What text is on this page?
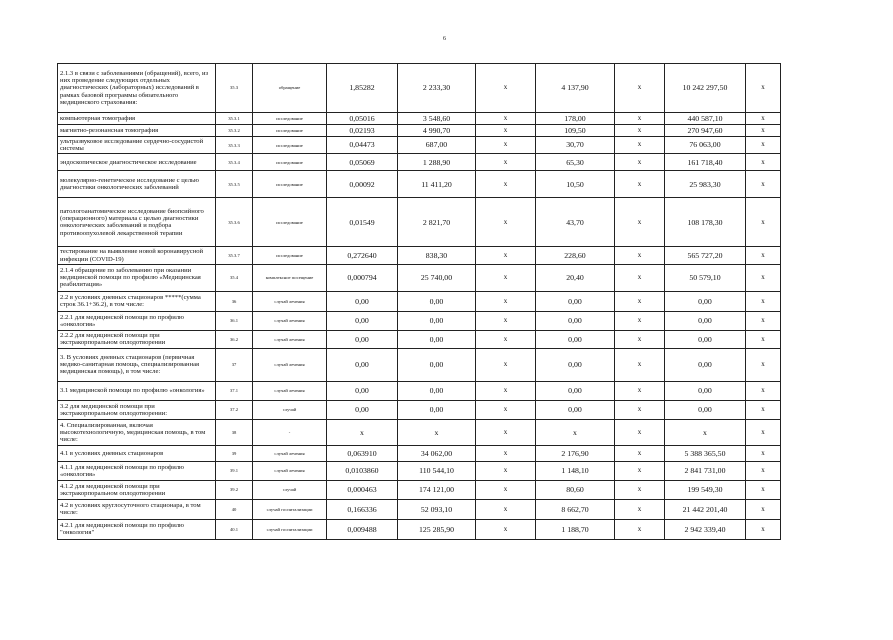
6
2.1.3 в связи с заболеваниями (обращений), всего, из них проведение следующих отдельных диагностических (лабораторных) исследований в рамках базовой программы обязательного медицинского страхования:	35.3	обращение	1,85282	2 233,30	х	4 137,90	х	10 242 297,50	х
компьютерная томография	35.3.1	исследование	0,05016	3 548,60	х	178,00	х	440 587,10	х
магнитно-резонансная томография	35.3.2	исследование	0,02193	4 990,70	х	109,50	х	270 947,60	х
ультразвуковое исследование сердечно-сосудистой системы	35.3.3	исследование	0,04473	687,00	х	30,70	х	76 063,00	х
эндоскопическое диагностическое исследование	35.3.4	исследование	0,05069	1 288,90	х	65,30	х	161 718,40	х
молекулярно-генетическое исследование с целью диагностики онкологических заболеваний	35.3.5	исследование	0,00092	11 411,20	х	10,50	х	25 983,30	х
патологоанатомическое исследование биопсийного (операционного) материала с целью диагностики онкологических заболеваний и подбора противоопухолевой лекарственной терапии	35.3.6	исследование	0,01549	2 821,70	х	43,70	х	108 178,30	х
тестирование на выявление новой коронавирусной инфекции (COVID-19)	35.3.7	исследование	0,272640	838,30	х	228,60	х	565 727,20	х
2.1.4 обращение по заболеванию при оказании медицинской помощи по профилю «Медицинская реабилитация»	35.4	комплексное посещение	0,000794	25 740,00	х	20,40	х	50 579,10	х
2.2 в условиях дневных стационаров *****(сумма строк 36.1+36.2), в том числе:	36	случай лечения	0,00	0,00	х	0,00	х	0,00	х
2.2.1 для медицинской помощи по профилю «онкология»	36.1	случай лечения	0,00	0,00	х	0,00	х	0,00	х
2.2.2 для медицинской помощи при экстракорпоральном оплодотворении	36.2	случай лечения	0,00	0,00	х	0,00	х	0,00	х
3. В условиях дневных стационаров (первичная медико-санитарная помощь, специализированная медицинская помощь), в том числе:	37	случай лечения	0,00	0,00	х	0,00	х	0,00	х
3.1 медицинской помощи по профилю «онкология»	37.1	случай лечения	0,00	0,00	х	0,00	х	0,00	х
3.2 для медицинской помощи при экстракорпоральном оплодотворении:	37.2	случай	0,00	0,00	х	0,00	х	0,00	х
4. Специализированная, включая высокотехнологичную, медицинская помощь, в том числе:	38	-	х	х	х	х	х	х	х
4.1 в условиях дневных стационаров	39	случай лечения	0,063910	34 062,00	х	2 176,90	х	5 388 365,50	х
4.1.1 для медицинской помощи по профилю «онкология»	39.1	случай лечения	0,0103860	110 544,10	х	1 148,10	х	2 841 731,00	х
4.1.2 для медицинской помощи при экстракорпоральном оплодотворении	39.2	случай	0,000463	174 121,00	х	80,60	х	199 549,30	х
4.2 в условиях круглосуточного стационара, в том числе:	40	случай госпитализации	0,166336	52 093,10	х	8 662,70	х	21 442 201,40	х
4.2.1 для медицинской помощи по профилю "онкология"	40.1	случай госпитализации	0,009488	125 285,90	х	1 188,70	х	2 942 339,40	х
